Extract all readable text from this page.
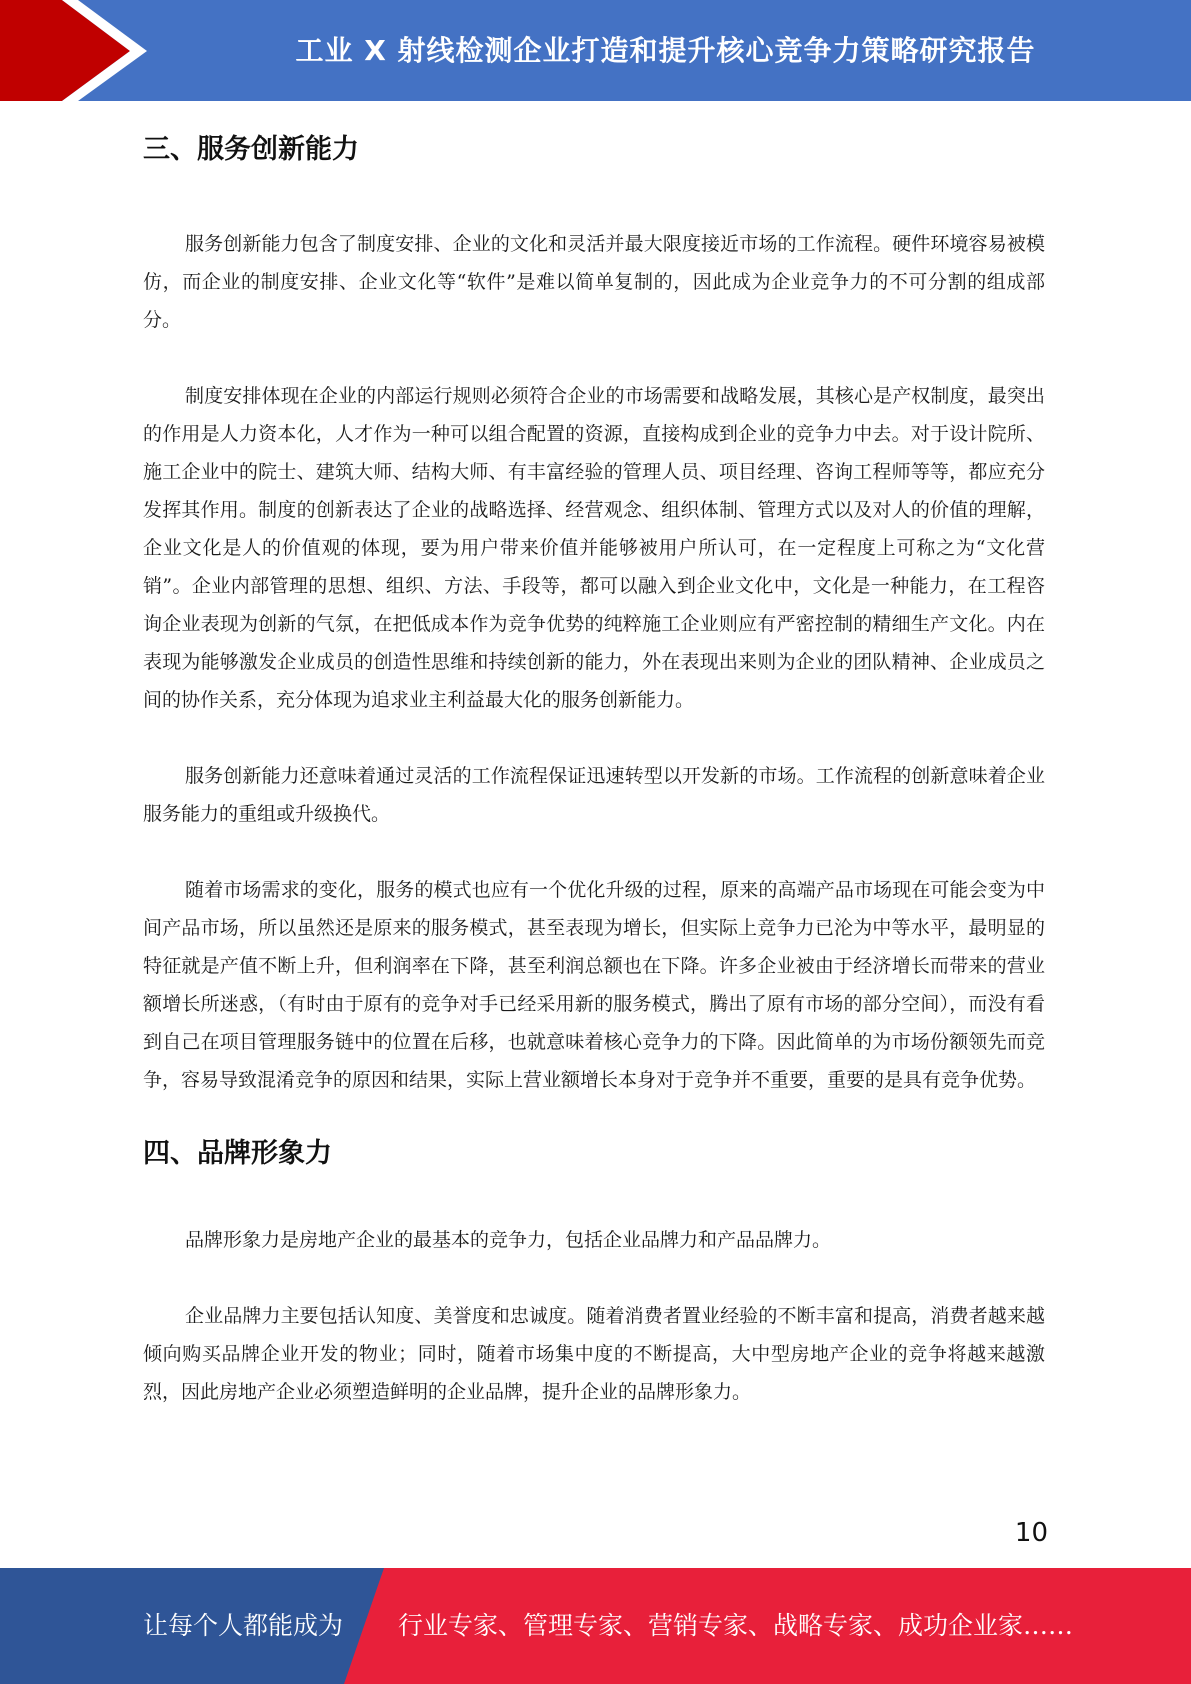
工业 X 射线检测企业打造和提升核心竞争力策略研究报告
三、服务创新能力

服务创新能力包含了制度安排、企业的文化和灵活并最大限度接近市场的工作流程。硬件环境容易被模仿，而企业的制度安排、企业文化等“软件”是难以简单复制的，因此成为企业竞争力的不可分割的组成部分。

制度安排体现在企业的内部运行规则必须符合企业的市场需要和战略发展，其核心是产权制度，最突出的作用是人力资本化，人才作为一种可以组合配置的资源，直接构成到企业的竞争力中去。对于设计院所、施工企业中的院士、建筑大师、结构大师、有丰富经验的管理人员、项目经理、咨询工程师等等，都应充分发挥其作用。制度的创新表达了企业的战略选择、经营观念、组织体制、管理方式以及对人的价值的理解，企业文化是人的价值观的体现，要为用户带来价值并能够被用户所认可，在一定程度上可称之为“文化营销”。企业内部管理的思想、组织、方法、手段等，都可以融入到企业文化中，文化是一种能力，在工程咨询企业表现为创新的气氛，在把低成本作为竞争优势的纯粹施工企业则应有严密控制的精细生产文化。内在表现为能够激发企业成员的创造性思维和持续创新的能力，外在表现出来则为企业的团队精神、企业成员之间的协作关系，充分体现为追求业主利益最大化的服务创新能力。

服务创新能力还意味着通过灵活的工作流程保证迅速转型以开发新的市场。工作流程的创新意味着企业服务能力的重组或升级换代。

随着市场需求的变化，服务的模式也应有一个优化升级的过程，原来的高端产品市场现在可能会变为中间产品市场，所以虽然还是原来的服务模式，甚至表现为增长，但实际上竞争力已沦为中等水平，最明显的特征就是产值不断上升，但利润率在下降，甚至利润总额也在下降。许多企业被由于经济增长而带来的营业额增长所迷惑，（有时由于原有的竞争对手已经采用新的服务模式，腾出了原有市场的部分空间），而没有看到自己在项目管理服务链中的位置在后移，也就意味着核心竞争力的下降。因此简单的为市场份额领先而竞争，容易导致混淆竞争的原因和结果，实际上营业额增长本身对于竞争并不重要，重要的是具有竞争优势。

四、品牌形象力

品牌形象力是房地产企业的最基本的竞争力，包括企业品牌力和产品品牌力。

企业品牌力主要包括认知度、美誉度和忠诚度。随着消费者置业经验的不断丰富和提高，消费者越来越倾向购买品牌企业开发的物业；同时，随着市场集中度的不断提高，大中型房地产企业的竞争将越来越激烈，因此房地产企业必须塑造鲜明的企业品牌，提升企业的品牌形象力。

10
让每个人都能成为 行业专家、管理专家、营销专家、战略专家、成功企业家……
